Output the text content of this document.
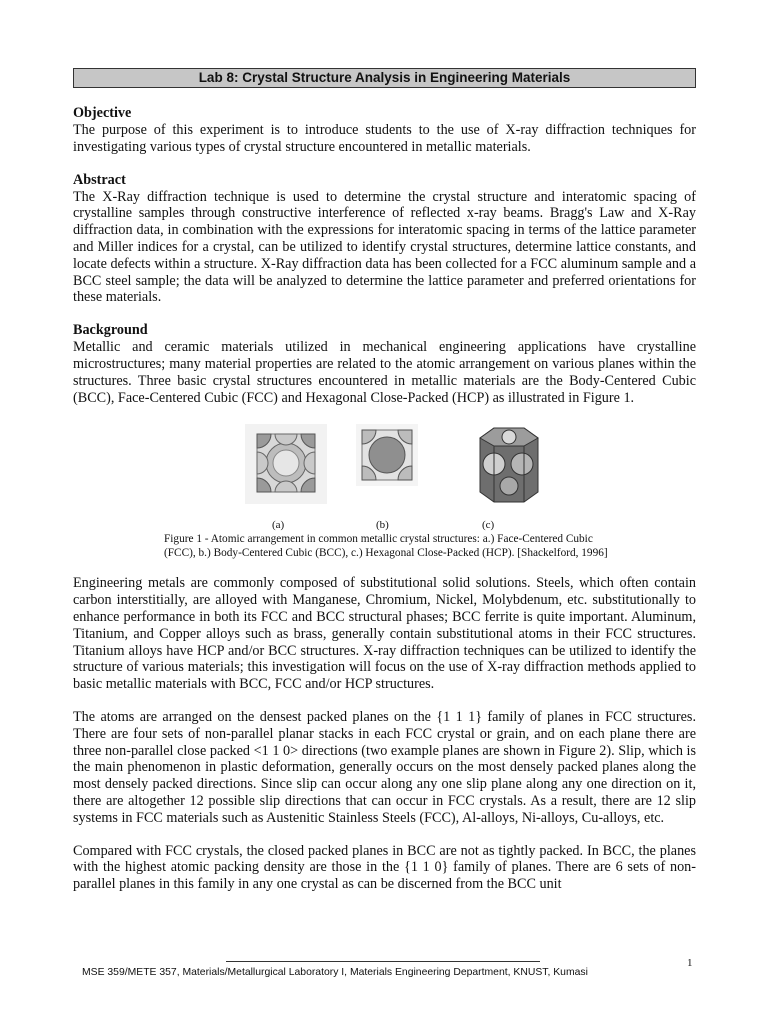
Lab 8: Crystal Structure Analysis in Engineering Materials
Objective

The purpose of this experiment is to introduce students to the use of X-ray diffraction techniques for investigating various types of crystal structure encountered in metallic materials.

Abstract

The X-Ray diffraction technique is used to determine the crystal structure and interatomic spacing of crystalline samples through constructive interference of reflected x-ray beams. Bragg's Law and X-Ray diffraction data, in combination with the expressions for interatomic spacing in terms of the lattice parameter and Miller indices for a crystal, can be utilized to identify crystal structures, determine lattice constants, and locate defects within a structure. X-Ray diffraction data has been collected for a FCC aluminum sample and a BCC steel sample; the data will be analyzed to determine the lattice parameter and preferred orientations for these materials.

Background

Metallic and ceramic materials utilized in mechanical engineering applications have crystalline microstructures; many material properties are related to the atomic arrangement on various planes within the structures. Three basic crystal structures encountered in metallic materials are the Body-Centered Cubic (BCC), Face-Centered Cubic (FCC) and Hexagonal Close-Packed (HCP) as illustrated in Figure 1.

(a)	(b)	(c)
Figure 1 - Atomic arrangement in common metallic crystal structures: a.) Face-Centered Cubic (FCC), b.) Body-Centered Cubic (BCC), c.) Hexagonal Close-Packed (HCP). [Shackelford, 1996]

Engineering metals are commonly composed of substitutional solid solutions. Steels, which often contain carbon interstitially, are alloyed with Manganese, Chromium, Nickel, Molybdenum, etc. substitutionally to enhance performance in both its FCC and BCC structural phases; BCC ferrite is quite important. Aluminum, Titanium, and Copper alloys such as brass, generally contain substitutional atoms in their FCC structures. Titanium alloys have HCP and/or BCC structures. X-ray diffraction techniques can be utilized to identify the structure of various materials; this investigation will focus on the use of X-ray diffraction methods applied to basic metallic materials with BCC, FCC and/or HCP structures.

The atoms are arranged on the densest packed planes on the {1 1 1} family of planes in FCC structures. There are four sets of non-parallel planar stacks in each FCC crystal or grain, and on each plane there are three non-parallel close packed <1 1 0> directions (two example planes are shown in Figure 2). Slip, which is the main phenomenon in plastic deformation, generally occurs on the most densely packed planes along the most densely packed directions. Since slip can occur along any one slip plane along any one direction on it, there are altogether 12 possible slip directions that can occur in FCC crystals. As a result, there are 12 slip systems in FCC materials such as Austenitic Stainless Steels (FCC), Al-alloys, Ni-alloys, Cu-alloys, etc.

Compared with FCC crystals, the closed packed planes in BCC are not as tightly packed. In BCC, the planes with the highest atomic packing density are those in the {1 1 0} family of planes. There are 6 sets of non-parallel planes in this family in any one crystal as can be discerned from the BCC unit

1
MSE 359/METE 357, Materials/Metallurgical Laboratory I, Materials Engineering Department, KNUST, Kumasi
